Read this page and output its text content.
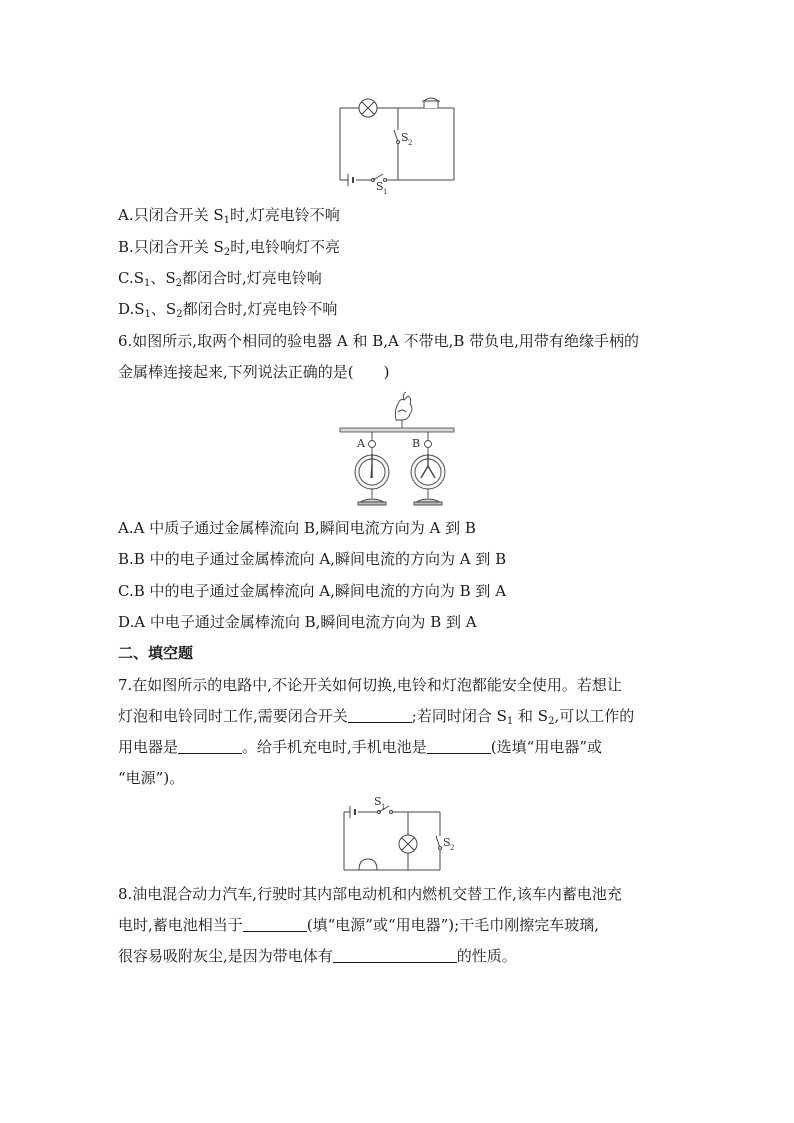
S 2
S 1
A.只闭合开关 $S_1$时,灯亮电铃不响
B.只闭合开关 $S_2$时,电铃响灯不亮
$C.S_1$、$S_2$都闭合时,灯亮电铃响
$D.S_1$、$S_2$都闭合时,灯亮电铃不响
6.如图所示,取两个相同的验电器 A 和 B,A 不带电,B 带负电,用带有绝缘手柄的
金属棒连接起来,下列说法正确的是(　　)
A	B
A.A 中质子通过金属棒流向 B,瞬间电流方向为 A 到 B
B.B 中的电子通过金属棒流向 A,瞬间电流的方向为 A 到 B
C.B 中的电子通过金属棒流向 A,瞬间电流的方向为 B 到 A
D.A 中电子通过金属棒流向 B,瞬间电流方向为 B 到 A
二、填空题
7.在如图所示的电路中,不论开关如何切换,电铃和灯泡都能安全使用。若想让
灯泡和电铃同时工作,需要闭合开关	;若同时闭合 $S_1$ 和 $S_2$,可以工作的
用电器是	。给手机充电时,手机电池是	(选填“用电器”或
“电源”)。
S 1
S 2
8.油电混合动力汽车,行驶时其内部电动机和内燃机交替工作,该车内蓄电池充
电时,蓄电池相当于	(填“电源”或“用电器”);干毛巾刚擦完车玻璃,
很容易吸附灰尘,是因为带电体有	的性质。
